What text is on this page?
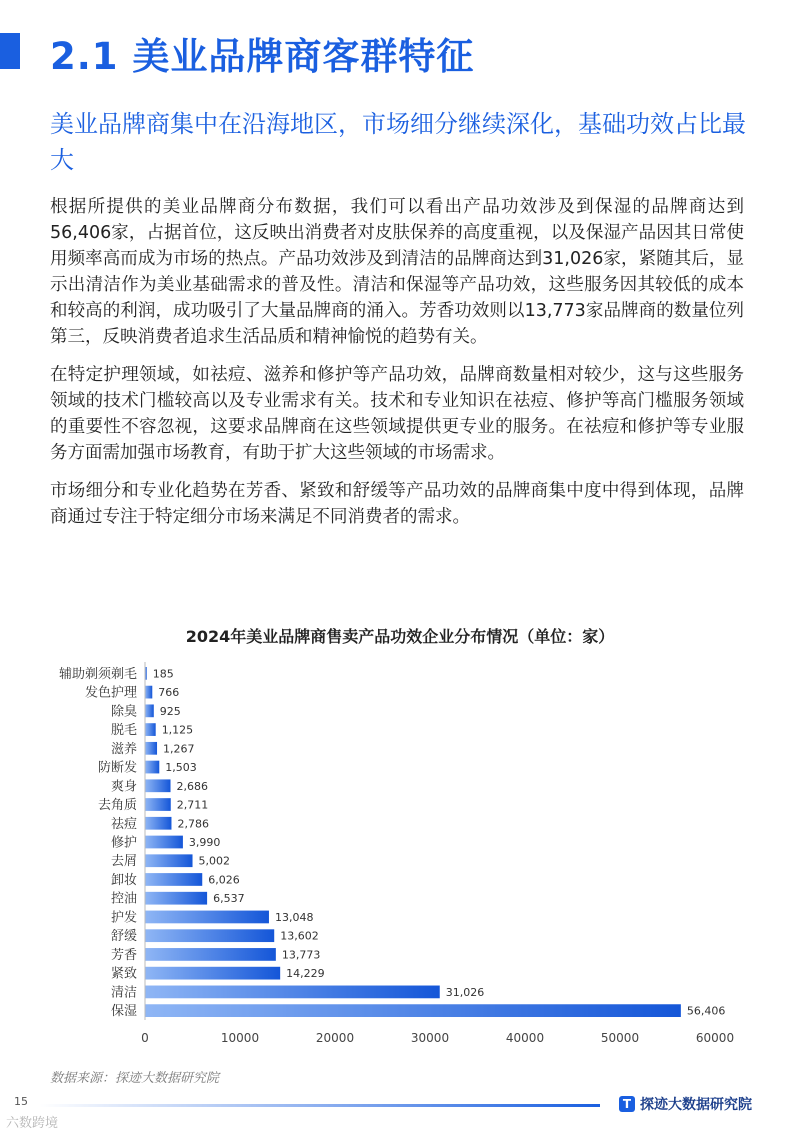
2.1 美业品牌商客群特征
美业品牌商集中在沿海地区，市场细分继续深化，基础功效占比最大

根据所提供的美业品牌商分布数据，我们可以看出产品功效涉及到保湿的品牌商达到56,406家，占据首位，这反映出消费者对皮肤保养的高度重视，以及保湿产品因其日常使用频率高而成为市场的热点。产品功效涉及到清洁的品牌商达到31,026家，紧随其后，显示出清洁作为美业基础需求的普及性。清洁和保湿等产品功效，这些服务因其较低的成本和较高的利润，成功吸引了大量品牌商的涌入。芳香功效则以13,773家品牌商的数量位列第三，反映消费者追求生活品质和精神愉悦的趋势有关。

在特定护理领域，如祛痘、滋养和修护等产品功效，品牌商数量相对较少，这与这些服务领域的技术门槛较高以及专业需求有关。技术和专业知识在祛痘、修护等高门槛服务领域的重要性不容忽视，这要求品牌商在这些领域提供更专业的服务。在祛痘和修护等专业服务方面需加强市场教育，有助于扩大这些领域的市场需求。

市场细分和专业化趋势在芳香、紧致和舒缓等产品功效的品牌商集中度中得到体现，品牌商通过专注于特定细分市场来满足不同消费者的需求。

2024年美业品牌商售卖产品功效企业分布情况（单位：家）

辅助剃须剃毛 185
发色护理 766
除臭 925
脱毛 1,125
滋养 1,267
防断发	1,503
爽身	2,686
去角质	2,711
祛痘	2,786
修护	3,990
去屑	5,002
卸妆	6,026
控油	6,537
护发	13,048
舒缓	13,602
芳香	13,773
紧致	14,229
清洁	31,026
保湿	56,406
0	10000	20000	30000	40000	50000	60000
数据来源：探迹大数据研究院
15	T 探迹大数据研究院
六数跨境
